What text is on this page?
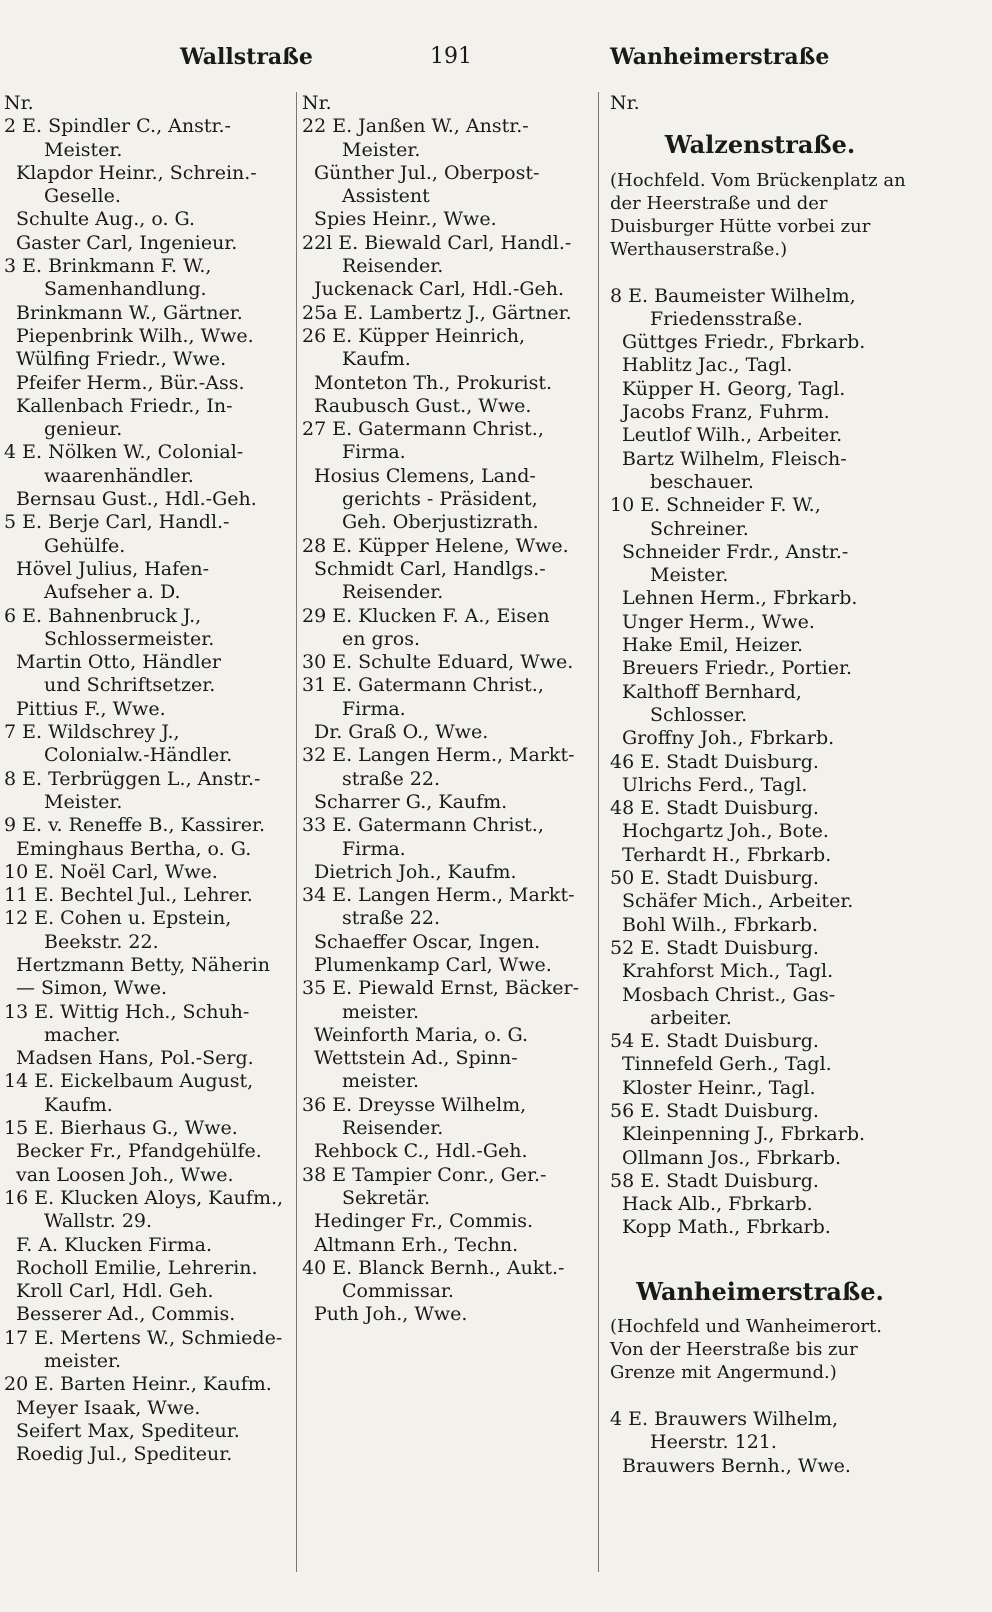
Wallstraße	191	Wanheimerstraße
Nr.
2 E. Spindler C., Anstr.-
Meister.
Klapdor Heinr., Schrein.-
Geselle.
Schulte Aug., o. G.
Gaster Carl, Ingenieur.
3 E. Brinkmann F. W.,
Samenhandlung.
Brinkmann W., Gärtner.
Piepenbrink Wilh., Wwe.
Wülfing Friedr., Wwe.
Pfeifer Herm., Bür.-Ass.
Kallenbach Friedr., In-
genieur.
4 E. Nölken W., Colonial-
waarenhändler.
Bernsau Gust., Hdl.-Geh.
5 E. Berje Carl, Handl.-
Gehülfe.
Hövel Julius, Hafen-
Aufseher a. D.
6 E. Bahnenbruck J.,
Schlossermeister.
Martin Otto, Händler
und Schriftsetzer.
Pittius F., Wwe.
7 E. Wildschrey J.,
Colonialw.-Händler.
8 E. Terbrüggen L., Anstr.-
Meister.
9 E. v. Reneffe B., Kassirer.
Eminghaus Bertha, o. G.
10 E. Noël Carl, Wwe.
11 E. Bechtel Jul., Lehrer.
12 E. Cohen u. Epstein,
Beekstr. 22.
Hertzmann Betty, Näherin
— Simon, Wwe.
13 E. Wittig Hch., Schuh-
macher.
Madsen Hans, Pol.-Serg.
14 E. Eickelbaum August,
Kaufm.
15 E. Bierhaus G., Wwe.
Becker Fr., Pfandgehülfe.
van Loosen Joh., Wwe.
16 E. Klucken Aloys, Kaufm.,
Wallstr. 29.
F. A. Klucken Firma.
Rocholl Emilie, Lehrerin.
Kroll Carl, Hdl. Geh.
Besserer Ad., Commis.
17 E. Mertens W., Schmiede-
meister.
20 E. Barten Heinr., Kaufm.
Meyer Isaak, Wwe.
Seifert Max, Spediteur.
Roedig Jul., Spediteur.
Nr.
22 E. Janßen W., Anstr.-
Meister.
Günther Jul., Oberpost-
Assistent
Spies Heinr., Wwe.
22l E. Biewald Carl, Handl.-
Reisender.
Juckenack Carl, Hdl.-Geh.
25a E. Lambertz J., Gärtner.
26 E. Küpper Heinrich,
Kaufm.
Monteton Th., Prokurist.
Raubusch Gust., Wwe.
27 E. Gatermann Christ.,
Firma.
Hosius Clemens, Land-
gerichts - Präsident,
Geh. Oberjustizrath.
28 E. Küpper Helene, Wwe.
Schmidt Carl, Handlgs.-
Reisender.
29 E. Klucken F. A., Eisen
en gros.
30 E. Schulte Eduard, Wwe.
31 E. Gatermann Christ.,
Firma.
Dr. Graß O., Wwe.
32 E. Langen Herm., Markt-
straße 22.
Scharrer G., Kaufm.
33 E. Gatermann Christ.,
Firma.
Dietrich Joh., Kaufm.
34 E. Langen Herm., Markt-
straße 22.
Schaeffer Oscar, Ingen.
Plumenkamp Carl, Wwe.
35 E. Piewald Ernst, Bäcker-
meister.
Weinforth Maria, o. G.
Wettstein Ad., Spinn-
meister.
36 E. Dreysse Wilhelm,
Reisender.
Rehbock C., Hdl.-Geh.
38 E Tampier Conr., Ger.-
Sekretär.
Hedinger Fr., Commis.
Altmann Erh., Techn.
40 E. Blanck Bernh., Aukt.-
Commissar.
Puth Joh., Wwe.
Nr.
Walzenstraße.
(Hochfeld. Vom Brückenplatz an der Heerstraße und der Duisburger Hütte vorbei zur Werthauserstraße.)
8 E. Baumeister Wilhelm,
Friedensstraße.
Güttges Friedr., Fbrkarb.
Hablitz Jac., Tagl.
Küpper H. Georg, Tagl.
Jacobs Franz, Fuhrm.
Leutlof Wilh., Arbeiter.
Bartz Wilhelm, Fleisch-
beschauer.
10 E. Schneider F. W.,
Schreiner.
Schneider Frdr., Anstr.-
Meister.
Lehnen Herm., Fbrkarb.
Unger Herm., Wwe.
Hake Emil, Heizer.
Breuers Friedr., Portier.
Kalthoff Bernhard,
Schlosser.
Groffny Joh., Fbrkarb.
46 E. Stadt Duisburg.
Ulrichs Ferd., Tagl.
48 E. Stadt Duisburg.
Hochgartz Joh., Bote.
Terhardt H., Fbrkarb.
50 E. Stadt Duisburg.
Schäfer Mich., Arbeiter.
Bohl Wilh., Fbrkarb.
52 E. Stadt Duisburg.
Krahforst Mich., Tagl.
Mosbach Christ., Gas-
arbeiter.
54 E. Stadt Duisburg.
Tinnefeld Gerh., Tagl.
Kloster Heinr., Tagl.
56 E. Stadt Duisburg.
Kleinpenning J., Fbrkarb.
Ollmann Jos., Fbrkarb.
58 E. Stadt Duisburg.
Hack Alb., Fbrkarb.
Kopp Math., Fbrkarb.
Wanheimerstraße.
(Hochfeld und Wanheimerort. Von der Heerstraße bis zur Grenze mit Angermund.)
4 E. Brauwers Wilhelm,
Heerstr. 121.
Brauwers Bernh., Wwe.
